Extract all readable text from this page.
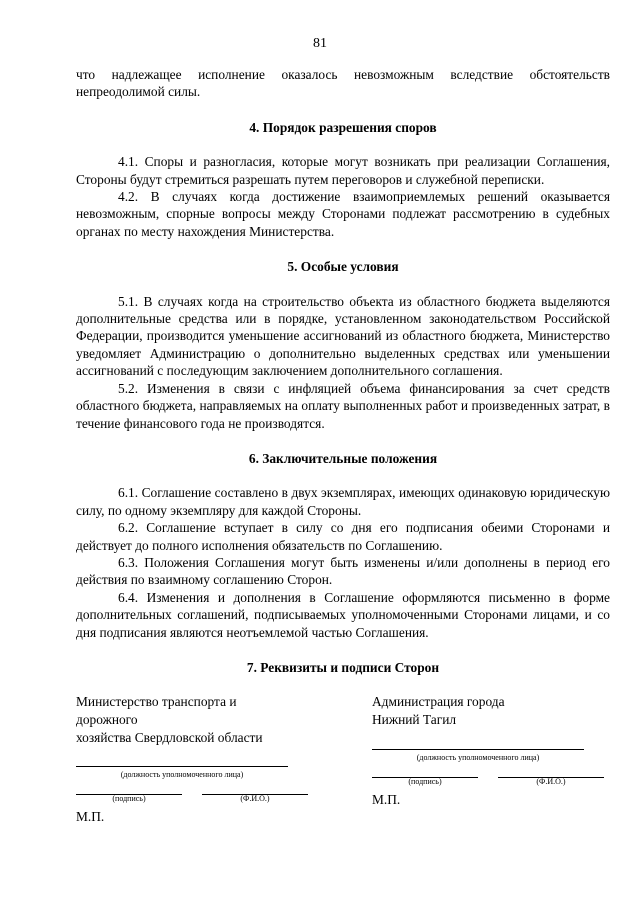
81

что надлежащее исполнение оказалось невозможным вследствие обстоятельств непреодолимой силы.

4. Порядок разрешения споров

4.1. Споры и разногласия, которые могут возникать при реализации Соглашения, Стороны будут стремиться разрешать путем переговоров и служебной переписки.

4.2. В случаях когда достижение взаимоприемлемых решений оказывается невозможным, спорные вопросы между Сторонами подлежат рассмотрению в судебных органах по месту нахождения Министерства.

5. Особые условия

5.1. В случаях когда на строительство объекта из областного бюджета выделяются дополнительные средства или в порядке, установленном законодательством Российской Федерации, производится уменьшение ассигнований из областного бюджета, Министерство уведомляет Администрацию о дополнительно выделенных средствах или уменьшении ассигнований с последующим заключением дополнительного соглашения.

5.2. Изменения в связи с инфляцией объема финансирования за счет средств областного бюджета, направляемых на оплату выполненных работ и произведенных затрат, в течение финансового года не производятся.

6. Заключительные положения

6.1. Соглашение составлено в двух экземплярах, имеющих одинаковую юридическую силу, по одному экземпляру для каждой Стороны.

6.2. Соглашение вступает в силу со дня его подписания обеими Сторонами и действует до полного исполнения обязательств по Соглашению.

6.3. Положения Соглашения могут быть изменены и/или дополнены в период его действия по взаимному соглашению Сторон.

6.4. Изменения и дополнения в Соглашение оформляются письменно в форме дополнительных соглашений, подписываемых уполномоченными Сторонами лицами, и со дня подписания являются неотъемлемой частью Соглашения.

7. Реквизиты и подписи Сторон

Министерство транспорта и дорожного

хозяйства Свердловской области

(должность уполномоченного лица)
(подпись)	(Ф.И.О.)
М.П.

Администрация города

Нижний Тагил

(должность уполномоченного лица)
(подпись)	(Ф.И.О.)
М.П.
